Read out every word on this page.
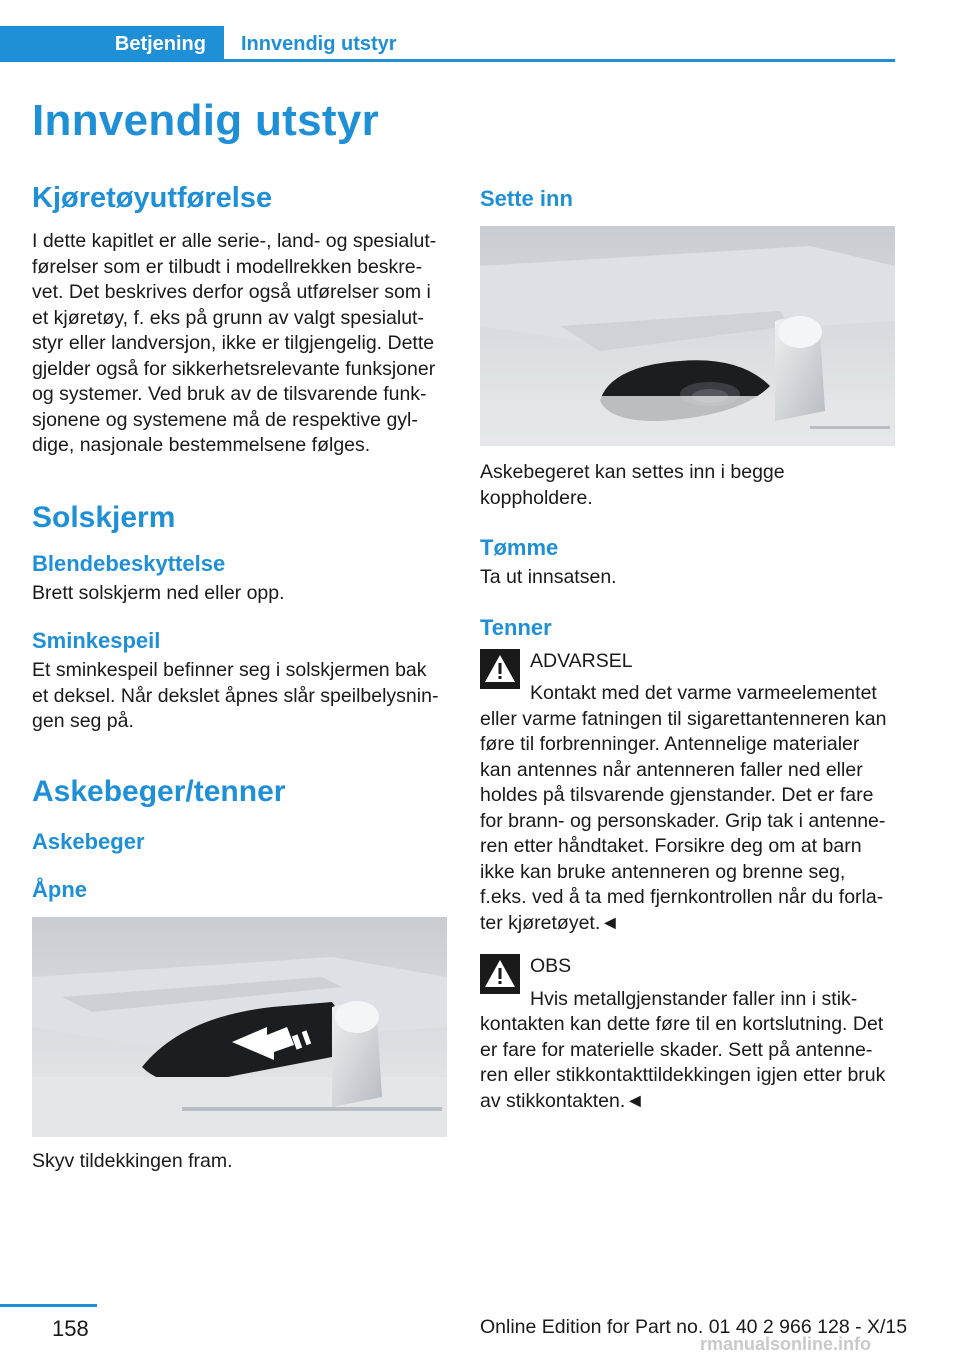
Betjening Innvendig utstyr
Innvendig utstyr
Kjøretøyutførelse

I dette kapitlet er alle serie-, land- og spesialut-førelser som er tilbudt i modellrekken beskre-vet. Det beskrives derfor også utførelser som i et kjøretøy, f. eks på grunn av valgt spesialut-styr eller landversjon, ikke er tilgjengelig. Dette gjelder også for sikkerhetsrelevante funksjoner og systemer. Ved bruk av de tilsvarende funk-sjonene og systemene må de respektive gyl-dige, nasjonale bestemmelsene følges.

Solskjerm
Blendebeskyttelse

Brett solskjerm ned eller opp.

Sminkespeil

Et sminkespeil befinner seg i solskjermen bak et deksel. Når dekslet åpnes slår speilbelysnin-gen seg på.

Askebeger/tenner
Askebeger
Åpne

Skyv tildekkingen fram.

Sette inn

Askebegeret kan settes inn i begge koppholdere.

Tømme

Ta ut innsatsen.

Tenner
ADVARSEL
Kontakt med det varme varmeelementet eller varme fatningen til sigarettantenneren kan føre til forbrenninger. Antennelige materialer kan antennes når antenneren faller ned eller holdes på tilsvarende gjenstander. Det er fare for brann- og personskader. Grip tak i antenne-ren etter håndtaket. Forsikre deg om at barn ikke kan bruke antenneren og brenne seg, f.eks. ved å ta med fjernkontrollen når du forla-ter kjøretøyet.◄
OBS
Hvis metallgjenstander faller inn i stik-kontakten kan dette føre til en kortslutning. Det er fare for materielle skader. Sett på antenne-ren eller stikkontakttildekkingen igjen etter bruk av stikkontakten.◄
158	Online Edition for Part no. 01 40 2 966 128 - X/15
rmanualsonline.info
